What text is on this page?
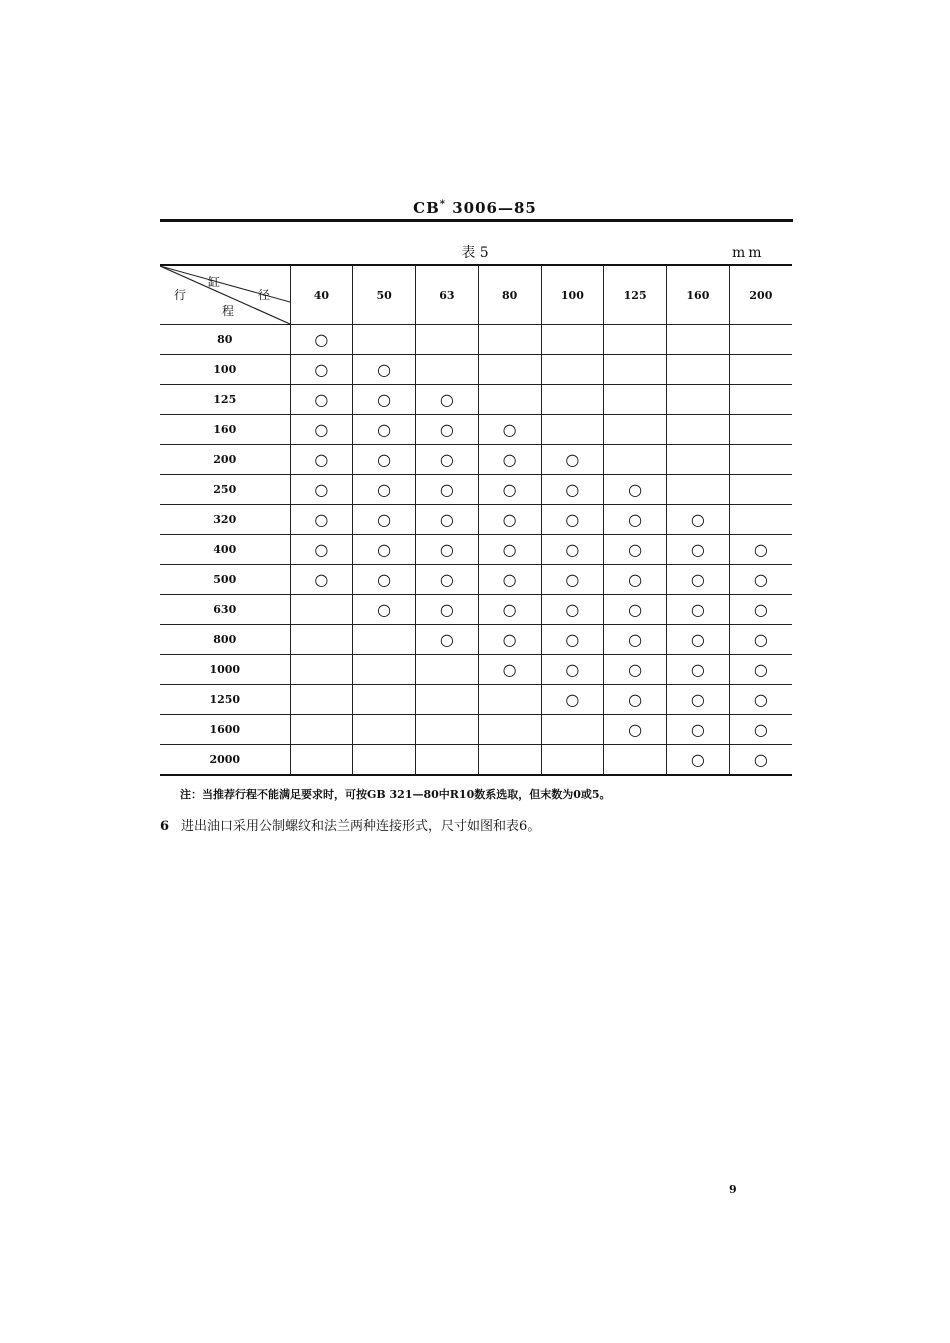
CB* 3006—85
表 5	mm
缸
径
行
程	40	50	63	80	100	125	160	200
80	○							
100	○	○						
125	○	○	○					
160	○	○	○	○				
200	○	○	○	○	○			
250	○	○	○	○	○	○		
320	○	○	○	○	○	○	○	
400	○	○	○	○	○	○	○	○
500	○	○	○	○	○	○	○	○
630		○	○	○	○	○	○	○
800			○	○	○	○	○	○
1000				○	○	○	○	○
1250					○	○	○	○
1600						○	○	○
2000							○	○
注：当推荐行程不能满足要求时，可按GB 321—80中R10数系选取，但末数为0或5。
6 进出油口采用公制螺纹和法兰两种连接形式，尺寸如图和表6。
9
